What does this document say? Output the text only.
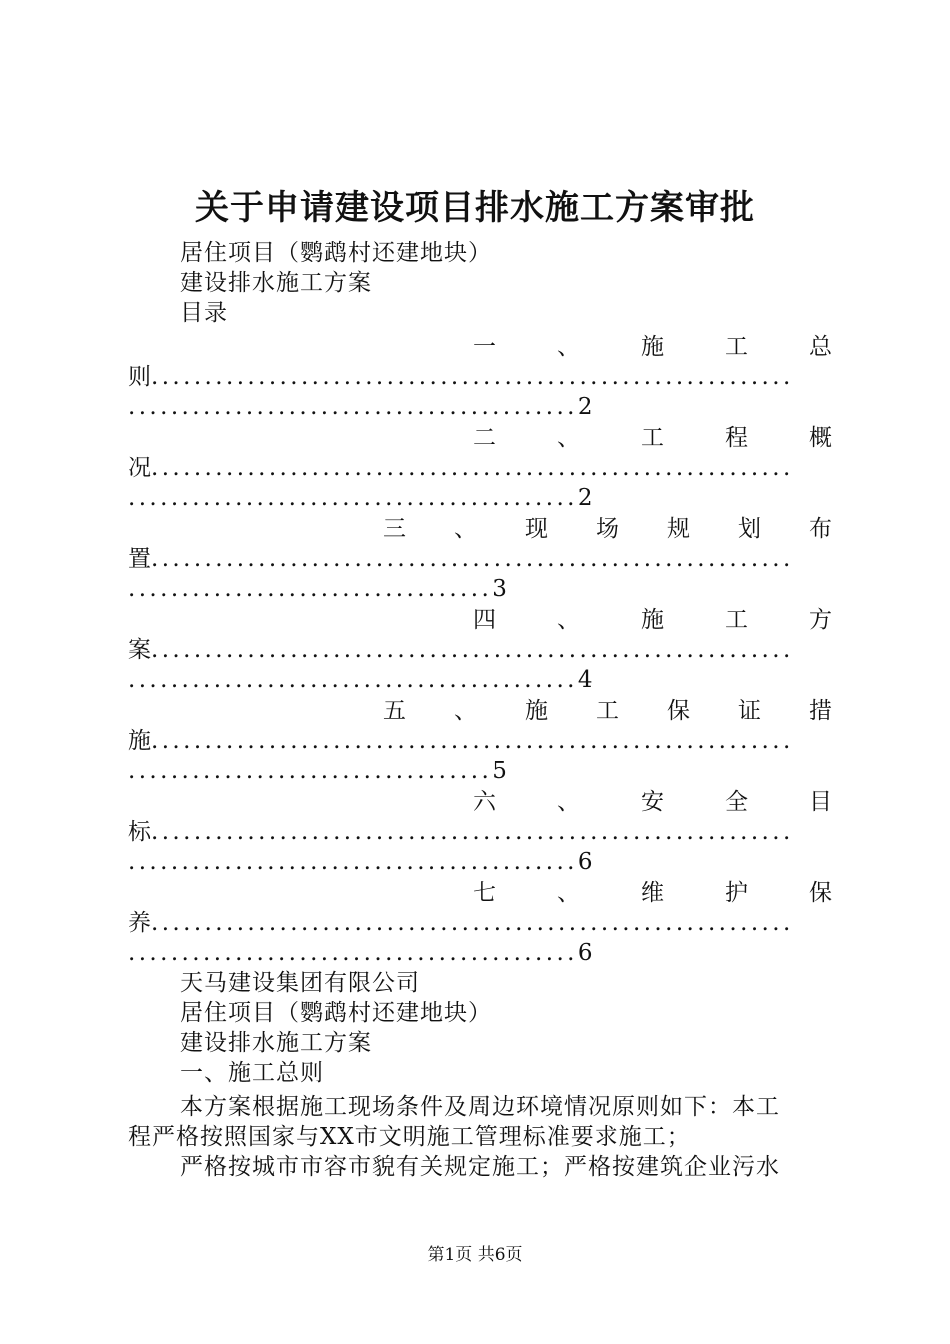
关于申请建设项目排水施工方案审批
居住项目（鹦鹉村还建地块）
建设排水施工方案
目录
一	、	施	工	总
则............................................................
..........................................2
二	、	工	程	概
况............................................................
..........................................2
三 、 现 场 规 划 布
置............................................................
..................................3
四	、	施	工	方
案............................................................
..........................................4
五 、 施 工 保 证 措
施............................................................
..................................5
六	、	安	全	目
标............................................................
..........................................6
七	、	维	护	保
养............................................................
..........................................6
天马建设集团有限公司
居住项目（鹦鹉村还建地块）
建设排水施工方案
一、施工总则
　本方案根据施工现场条件及周边环境情况原则如下：本工
程严格按照国家与XX市文明施工管理标准要求施工；
　严格按城市市容市貌有关规定施工；严格按建筑企业污水
第1页 共6页
